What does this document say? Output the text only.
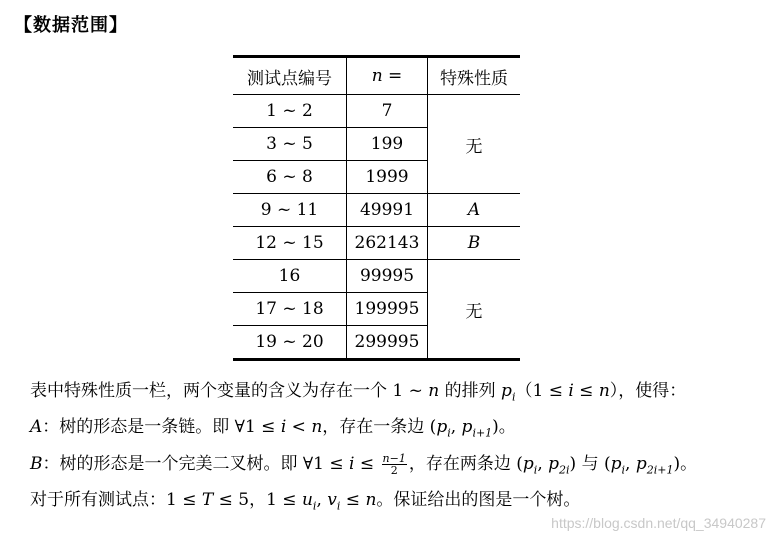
【数据范围】
测试点编号	n =	特殊性质
1 ~ 2	7	无
3 ~ 5	199	
6 ~ 8	1999	
9 ~ 11	49991	A
12 ~ 15	262143	B
16	99995	无
17 ~ 18	199995	
19 ~ 20	299995	
表中特殊性质一栏，两个变量的含义为存在一个 1 ~ n 的排列 $p_i(1 \le i \le n)$，使得：
A：树的形态是一条链。即 ∀1 ≤ i < n，存在一条边 ($p_i$, $p_{i+1}$)。
B：树的形态是一个完美二叉树。即 ∀1 ≤ $i \le \frac{n-1}{2}$ ，存在两条边 ($p_i$, $p_{2i}$) 与 ($p_i$, $p_{2i+1}$)。
对于所有测试点：1 ≤ T ≤ 5，$1 \le u_i$, $v_i \le n$。保证给出的图是一个树。
https://blog.csdn.net/qq_34940287
